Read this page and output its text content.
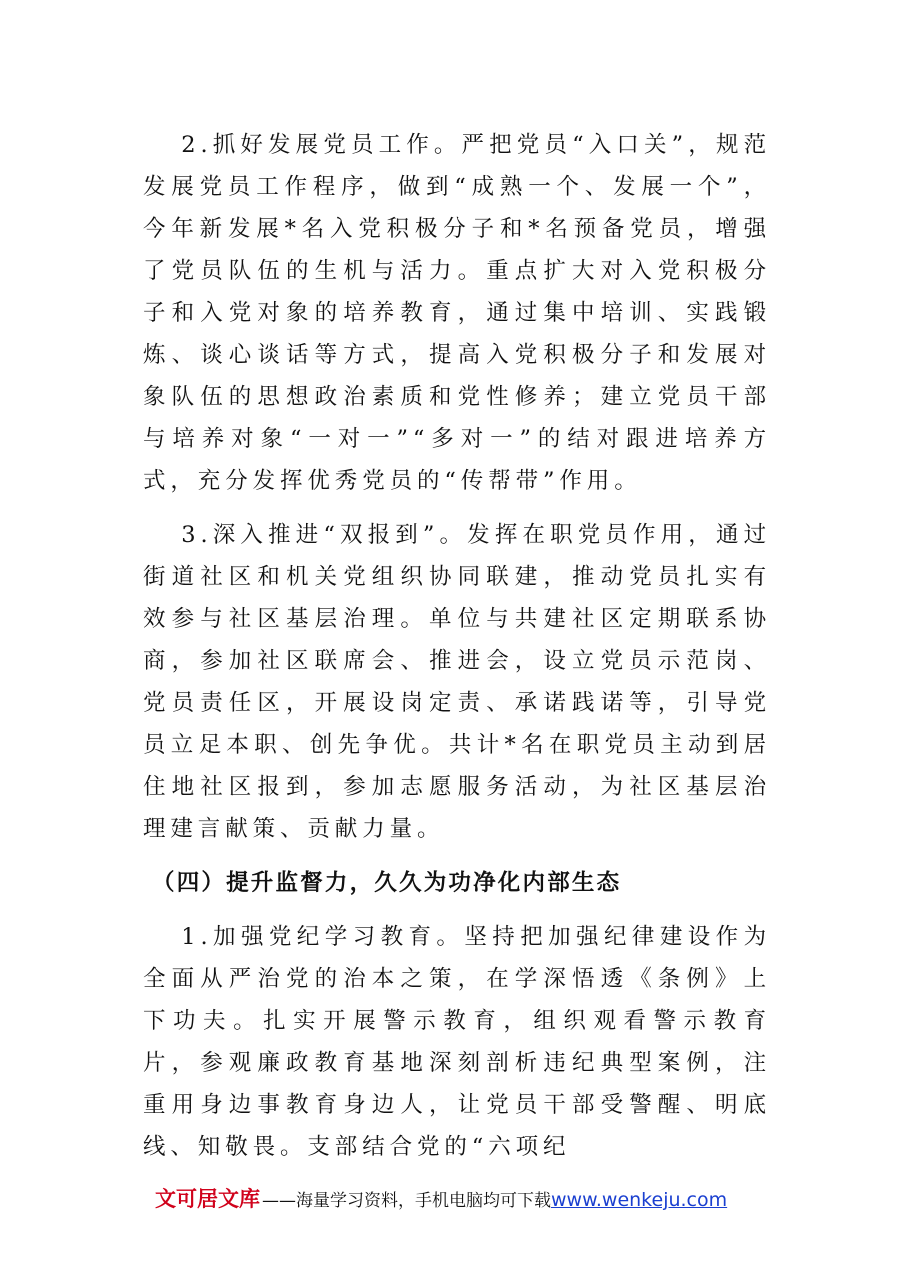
2.抓好发展党员工作。严把党员“入口关”，规范发展党员工作程序，做到“成熟一个、发展一个”，今年新发展*名入党积极分子和*名预备党员，增强了党员队伍的生机与活力。重点扩大对入党积极分子和入党对象的培养教育，通过集中培训、实践锻炼、谈心谈话等方式，提高入党积极分子和发展对象队伍的思想政治素质和党性修养；建立党员干部与培养对象“一对一”“多对一”的结对跟进培养方式，充分发挥优秀党员的“传帮带”作用。

3.深入推进“双报到”。发挥在职党员作用，通过街道社区和机关党组织协同联建，推动党员扎实有效参与社区基层治理。单位与共建社区定期联系协商，参加社区联席会、推进会，设立党员示范岗、党员责任区，开展设岗定责、承诺践诺等，引导党员立足本职、创先争优。共计*名在职党员主动到居住地社区报到，参加志愿服务活动，为社区基层治理建言献策、贡献力量。

（四）提升监督力，久久为功净化内部生态

1.加强党纪学习教育。坚持把加强纪律建设作为全面从严治党的治本之策，在学深悟透《条例》上下功夫。扎实开展警示教育，组织观看警示教育片，参观廉政教育基地深刻剖析违纪典型案例，注重用身边事教育身边人，让党员干部受警醒、明底线、知敬畏。支部结合党的“六项纪

文可居文库 —— 海量学习资料，手机电脑均可下载 www.wenkeju.com
